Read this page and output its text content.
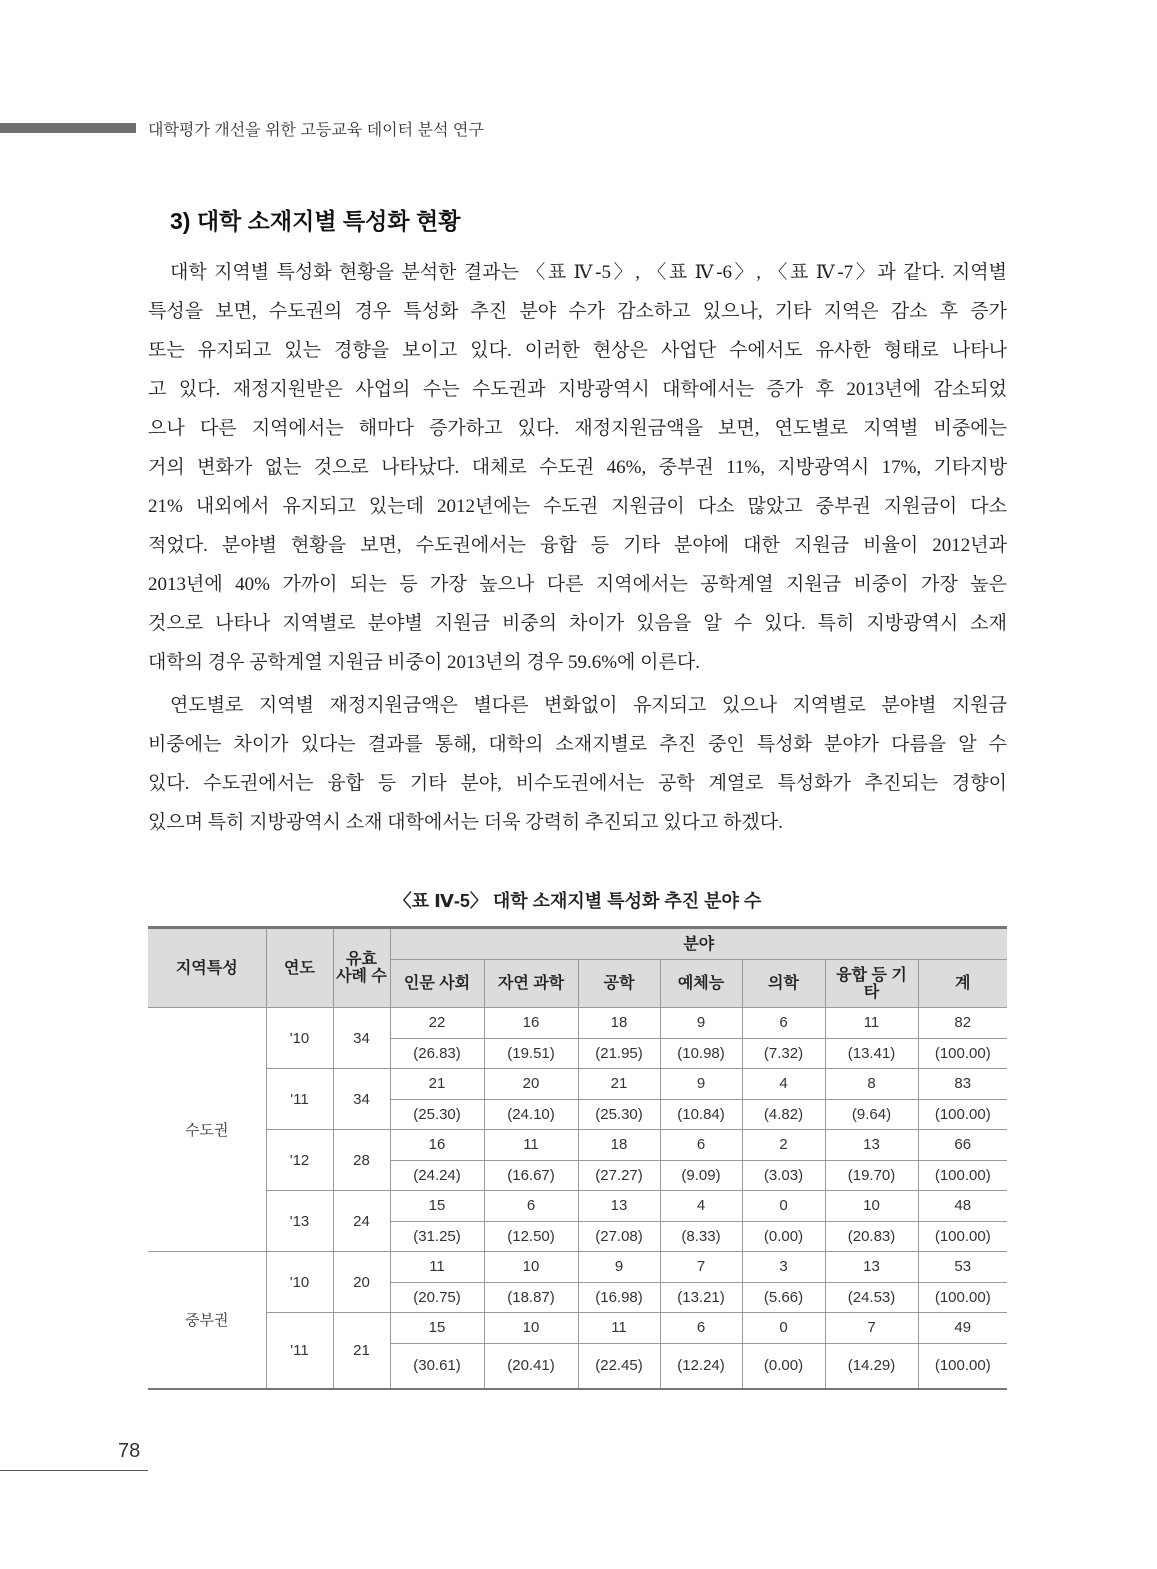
대학평가 개선을 위한 고등교육 데이터 분석 연구
3) 대학 소재지별 특성화 현황
대학 지역별 특성화 현황을 분석한 결과는 〈표 Ⅳ-5〉, 〈표 Ⅳ-6〉, 〈표 Ⅳ-7〉과 같다. 지역별
특성을 보면, 수도권의 경우 특성화 추진 분야 수가 감소하고 있으나, 기타 지역은 감소 후 증가
또는 유지되고 있는 경향을 보이고 있다. 이러한 현상은 사업단 수에서도 유사한 형태로 나타나
고 있다. 재정지원받은 사업의 수는 수도권과 지방광역시 대학에서는 증가 후 2013년에 감소되었
으나 다른 지역에서는 해마다 증가하고 있다. 재정지원금액을 보면, 연도별로 지역별 비중에는
거의 변화가 없는 것으로 나타났다. 대체로 수도권 46%, 중부권 11%, 지방광역시 17%, 기타지방
21% 내외에서 유지되고 있는데 2012년에는 수도권 지원금이 다소 많았고 중부권 지원금이 다소
적었다. 분야별 현황을 보면, 수도권에서는 융합 등 기타 분야에 대한 지원금 비율이 2012년과
2013년에 40% 가까이 되는 등 가장 높으나 다른 지역에서는 공학계열 지원금 비중이 가장 높은
것으로 나타나 지역별로 분야별 지원금 비중의 차이가 있음을 알 수 있다. 특히 지방광역시 소재
대학의 경우 공학계열 지원금 비중이 2013년의 경우 59.6%에 이른다.
연도별로 지역별 재정지원금액은 별다른 변화없이 유지되고 있으나 지역별로 분야별 지원금
비중에는 차이가 있다는 결과를 통해, 대학의 소재지별로 추진 중인 특성화 분야가 다름을 알 수
있다. 수도권에서는 융합 등 기타 분야, 비수도권에서는 공학 계열로 특성화가 추진되는 경향이
있으며 특히 지방광역시 소재 대학에서는 더욱 강력히 추진되고 있다고 하겠다.
〈표 Ⅳ-5〉 대학 소재지별 특성화 추진 분야 수
지역특성	연도	유효 사례 수	분야						
			인문 사회	자연 과학	공학	예체능	의학	융합 등 기타	계
수도권	'10	34	22	16	18	9	6	11	82
			(26.83)	(19.51)	(21.95)	(10.98)	(7.32)	(13.41)	(100.00)
	'11	34	21	20	21	9	4	8	83
			(25.30)	(24.10)	(25.30)	(10.84)	(4.82)	(9.64)	(100.00)
	'12	28	16	11	18	6	2	13	66
			(24.24)	(16.67)	(27.27)	(9.09)	(3.03)	(19.70)	(100.00)
	'13	24	15	6	13	4	0	10	48
			(31.25)	(12.50)	(27.08)	(8.33)	(0.00)	(20.83)	(100.00)
중부권	'10	20	11	10	9	7	3	13	53
			(20.75)	(18.87)	(16.98)	(13.21)	(5.66)	(24.53)	(100.00)
	'11	21	15	10	11	6	0	7	49
			(30.61)	(20.41)	(22.45)	(12.24)	(0.00)	(14.29)	(100.00)
78
